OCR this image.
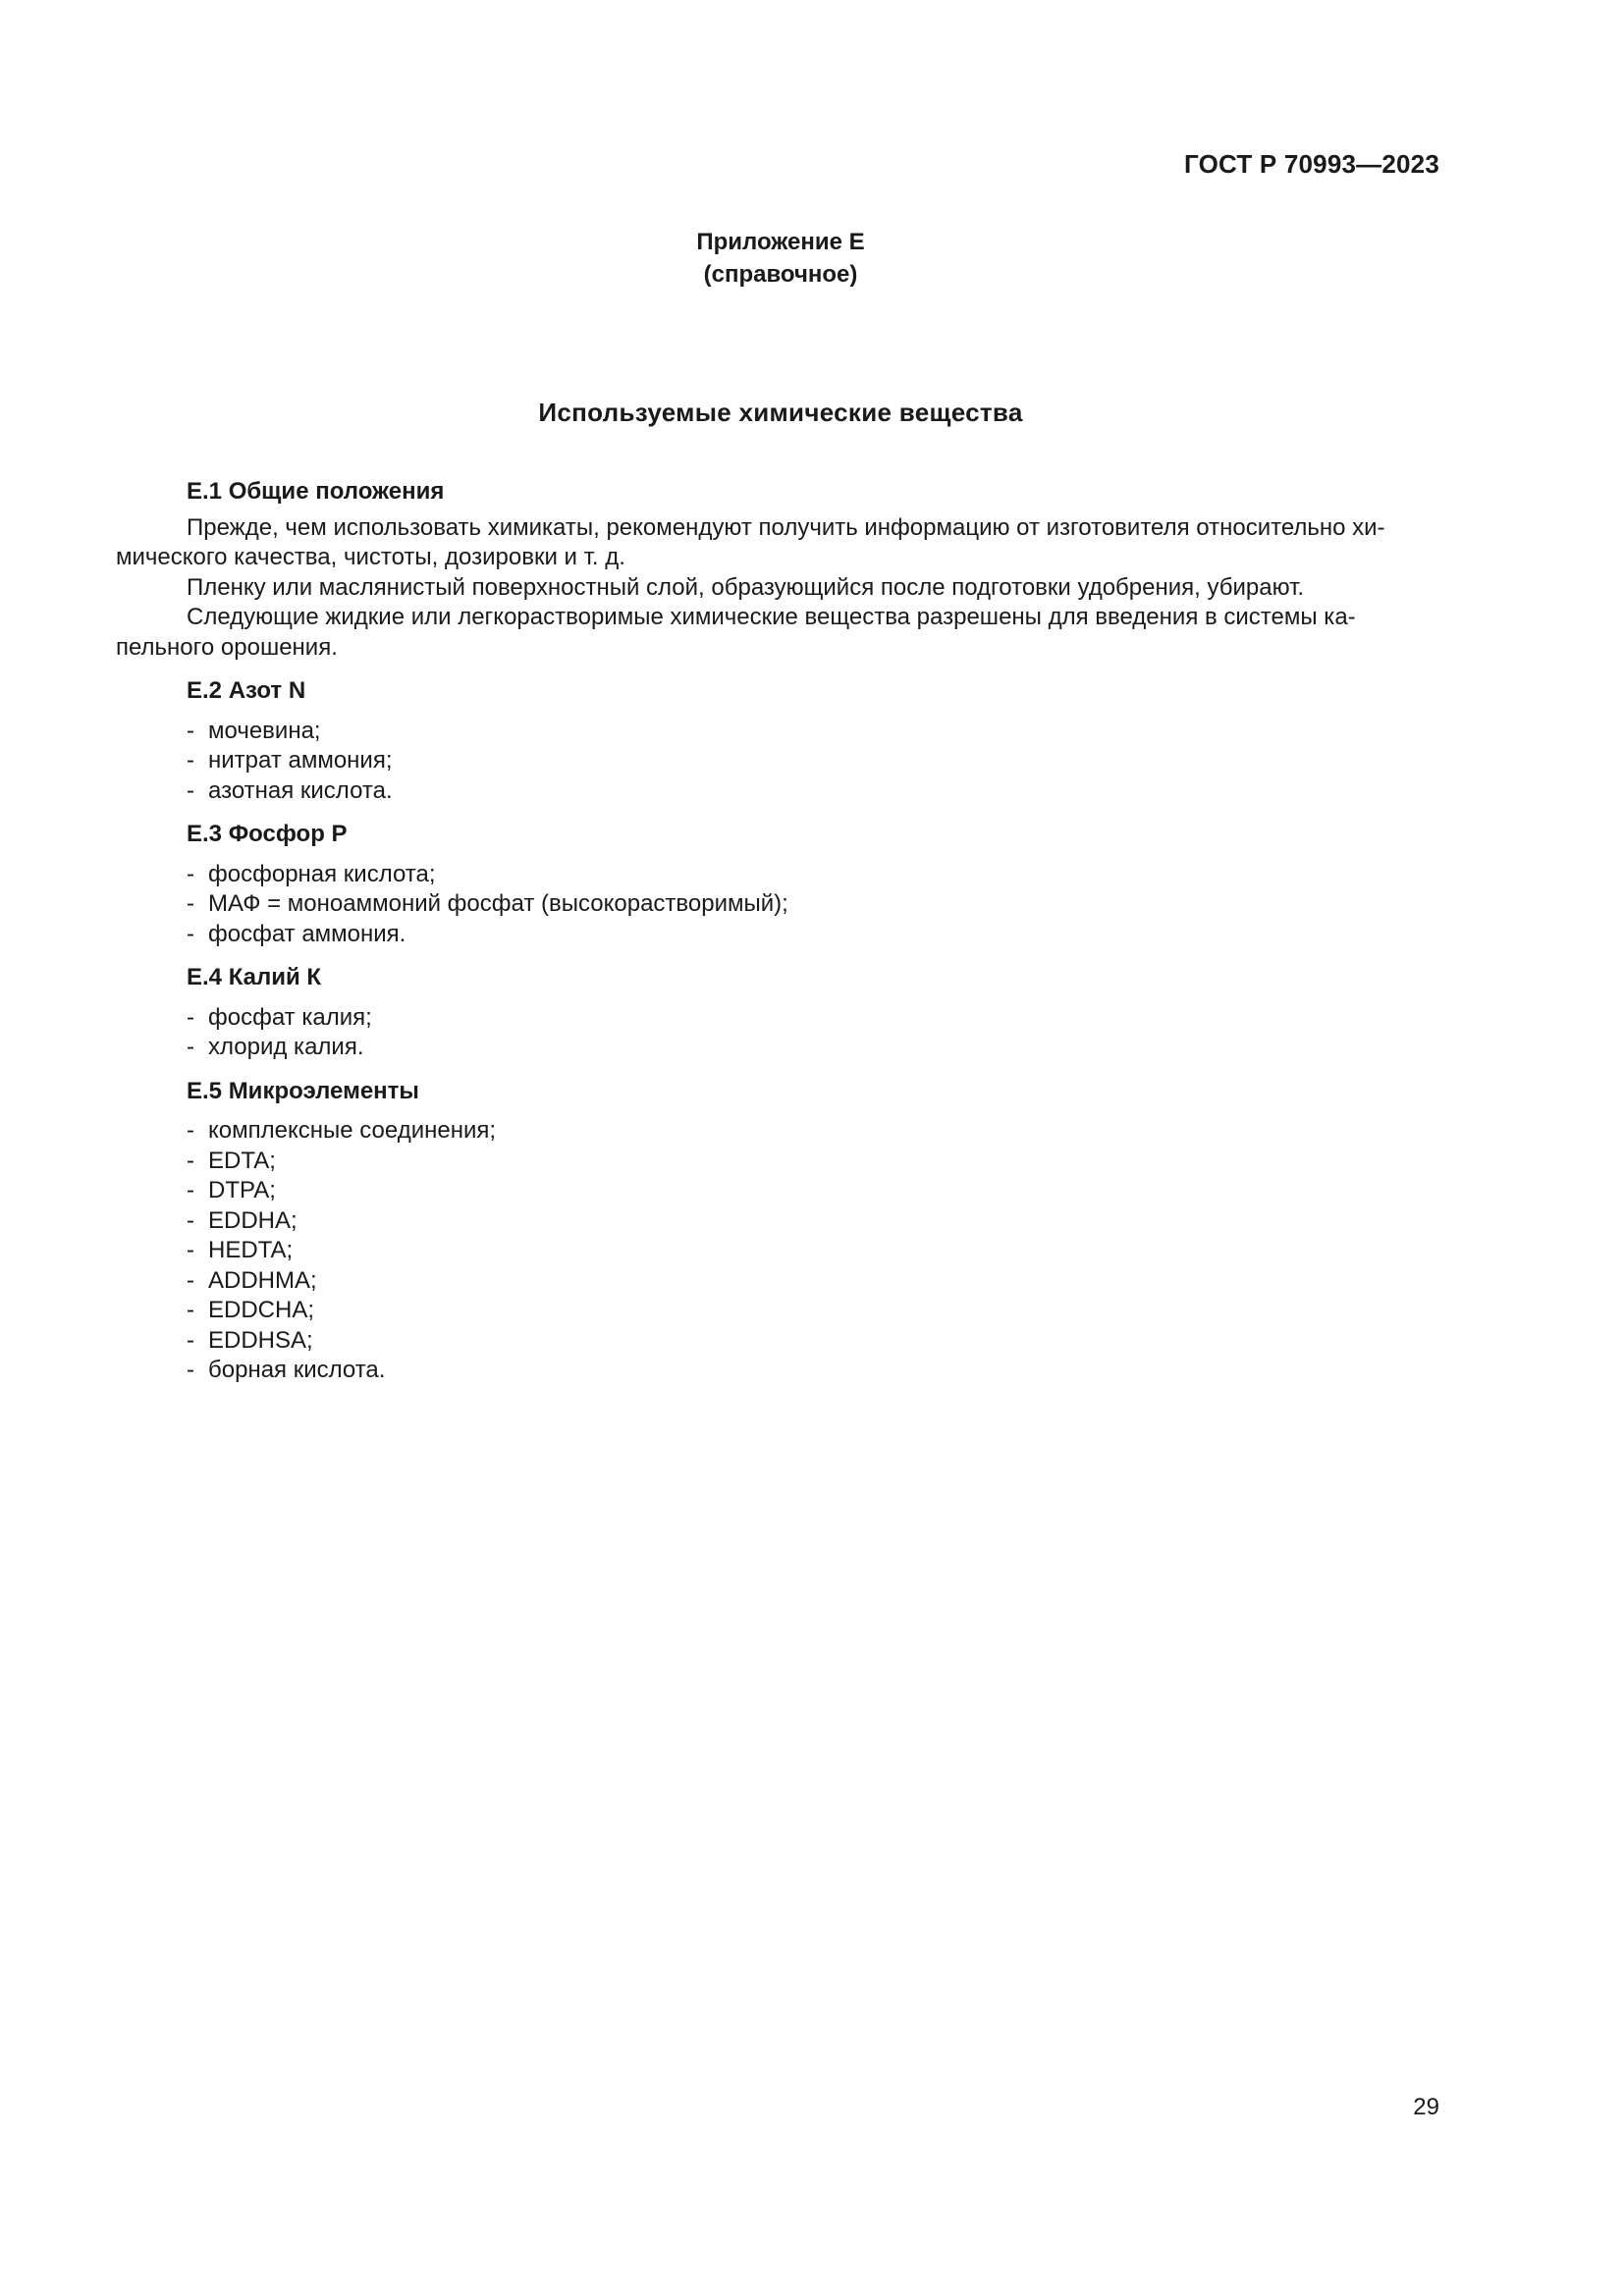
ГОСТ Р 70993—2023
Приложение Е
(справочное)
Используемые химические вещества

Е.1 Общие положения

Прежде, чем использовать химикаты, рекомендуют получить информацию от изготовителя относительно хи-
мического качества, чистоты, дозировки и т. д.

Пленку или маслянистый поверхностный слой, образующийся после подготовки удобрения, убирают.

Следующие жидкие или легкорастворимые химические вещества разрешены для введения в системы ка-
пельного орошения.

Е.2 Азот N

- мочевина;
- нитрат аммония;
- азотная кислота.

Е.3 Фосфор Р

- фосфорная кислота;
- МАФ = моноаммоний фосфат (высокорастворимый);
- фосфат аммония.

Е.4 Калий К

- фосфат калия;
- хлорид калия.

Е.5 Микроэлементы

- комплексные соединения;
- EDTA;
- DTPA;
- EDDHA;
- HEDTA;
- ADDHMA;
- EDDCHA;
- EDDHSA;
- борная кислота.
29
